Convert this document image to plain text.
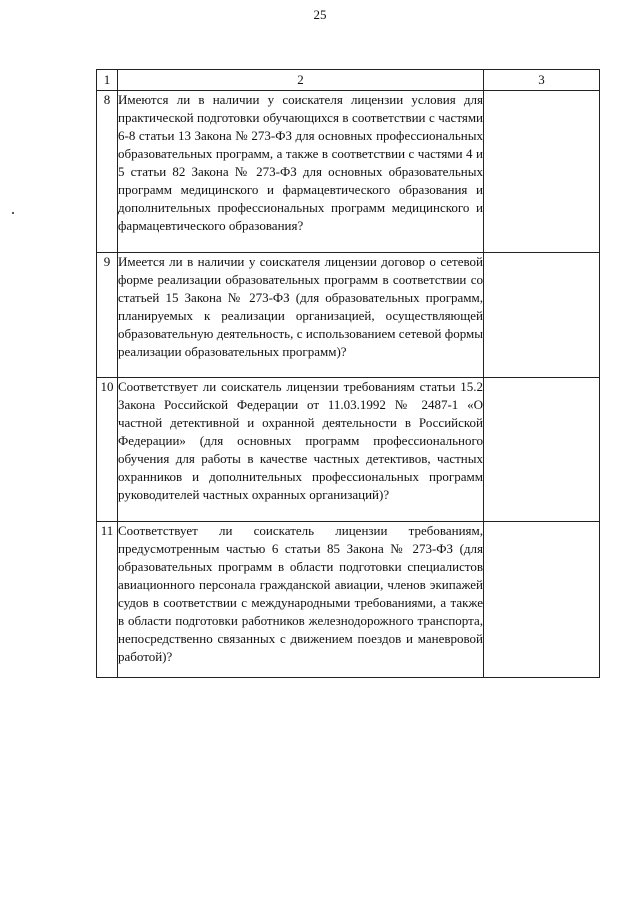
25
1	2	3
8	Имеются ли в наличии у соискателя лицензии условия для практической подготовки обучающихся в соответствии с частями 6-8 статьи 13 Закона № 273-ФЗ для основных профессиональных образовательных программ, а также в соответствии с частями 4 и 5 статьи 82 Закона № 273-ФЗ для основных образовательных программ медицинского и фармацевтического образования и дополнительных профессиональных программ медицинского и фармацевтического образования?	
9	Имеется ли в наличии у соискателя лицензии договор о сетевой форме реализации образовательных программ в соответствии со статьей 15 Закона № 273-ФЗ (для образовательных программ, планируемых к реализации организацией, осуществляющей образовательную деятельность, с использованием сетевой формы реализации образовательных программ)?	
10	Соответствует ли соискатель лицензии требованиям статьи 15.2 Закона Российской Федерации от 11.03.1992 № 2487-1 «О частной детективной и охранной деятельности в Российской Федерации» (для основных программ профессионального обучения для работы в качестве частных детективов, частных охранников и дополнительных профессиональных программ руководителей частных охранных организаций)?	
11	Соответствует ли соискатель лицензии требованиям, предусмотренным частью 6 статьи 85 Закона № 273-ФЗ (для образовательных программ в области подготовки специалистов авиационного персонала гражданской авиации, членов экипажей судов в соответствии с международными требованиями, а также в области подготовки работников железнодорожного транспорта, непосредственно связанных с движением поездов и маневровой работой)?	
